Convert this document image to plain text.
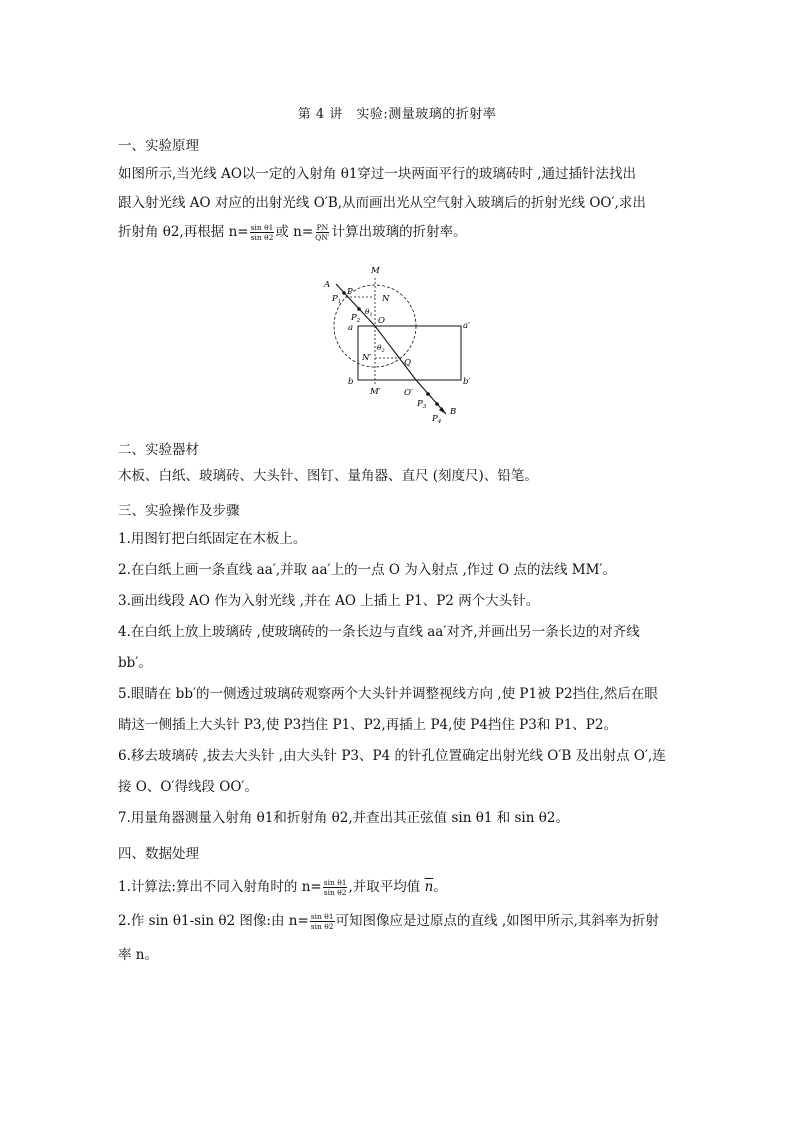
第 4 讲　实验:测量玻璃的折射率
一、实验原理
如图所示,当光线 AO以一定的入射角 θ1穿过一块两面平行的玻璃砖时 ,通过插针法找出
跟入射光线 AO 对应的出射光线 O′B,从而画出光从空气射入玻璃后的折射光线 OO′,求出
折射角 θ2,再根据 $n= \frac{\text{sin θ1}}{\text{sin θ2}}$ 或 $n= \frac{PN}{QN'}$ 计算出玻璃的折射率。
M
A
$P_1$
P
N
$P_2$
$\theta_1$
O
a	a′
$\theta_2$
N′	Q
b	b′
M′	O′
$P_3$	B
$P_4$
二、实验器材
木板、白纸、玻璃砖、大头针、图钉、量角器、直尺 (刻度尺)、铅笔。
三、实验操作及步骤
1.用图钉把白纸固定在木板上。
2.在白纸上画一条直线 aa′,并取 aa′上的一点 O 为入射点 ,作过 O 点的法线 MM′。
3.画出线段 AO 作为入射光线 ,并在 AO 上插上 P1、P2 两个大头针。
4.在白纸上放上玻璃砖 ,使玻璃砖的一条长边与直线 aa′对齐,并画出另一条长边的对齐线
bb′。
5.眼睛在 bb′的一侧透过玻璃砖观察两个大头针并调整视线方向 ,使 P1被 P2挡住,然后在眼
睛这一侧插上大头针 P3,使 P3挡住 P1、P2,再插上 P4,使 P4挡住 P3和 P1、P2。
6.移去玻璃砖 ,拔去大头针 ,由大头针 P3、P4 的针孔位置确定出射光线 O′B 及出射点 O′,连
接 O、O′得线段 OO′。
7.用量角器测量入射角 θ1和折射角 θ2,并查出其正弦值 sin θ1 和 sin θ2。
四、数据处理
1.计算法:算出不同入射角时的 $n= \frac{\text{sin θ1}}{\text{sin θ2}}$ ,并取平均值 $\overline{n}$。
2.作 sin θ1-sin θ2 图像:由 $n= \frac{\text{sin θ1}}{\text{sin θ2}}$ 可知图像应是过原点的直线 ,如图甲所示,其斜率为折射
率 n。
